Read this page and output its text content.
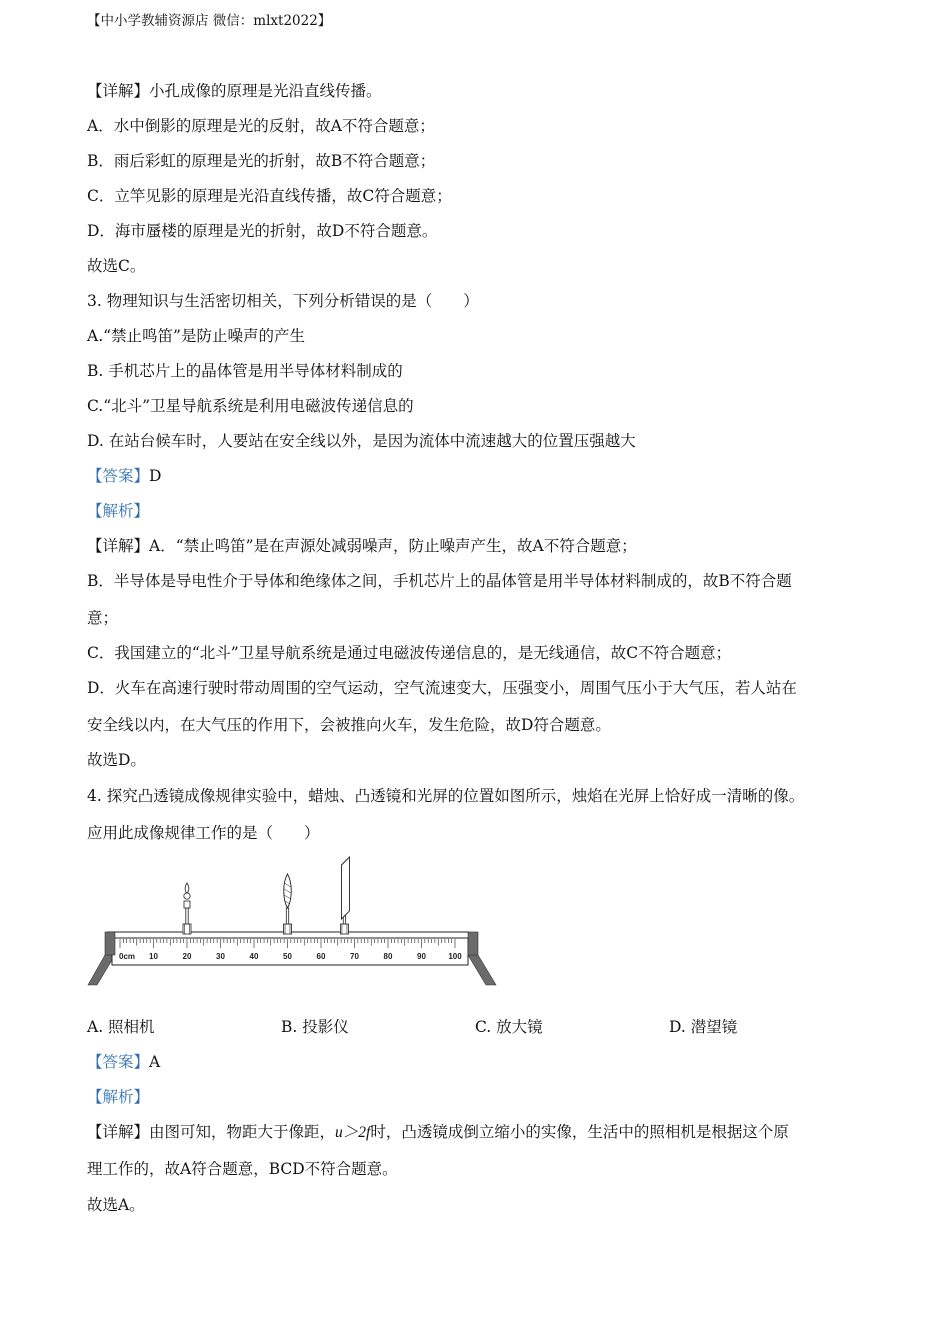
【中小学教辅资源店 微信：mlxt2022】
【详解】小孔成像的原理是光沿直线传播。
A．水中倒影的原理是光的反射，故A不符合题意；
B．雨后彩虹的原理是光的折射，故B不符合题意；
C．立竿见影的原理是光沿直线传播，故C符合题意；
D．海市蜃楼的原理是光的折射，故D不符合题意。
故选C。
3. 物理知识与生活密切相关，下列分析错误的是（　　）
A.“禁止鸣笛”是防止噪声的产生
B. 手机芯片上的晶体管是用半导体材料制成的
C.“北斗”卫星导航系统是利用电磁波传递信息的
D. 在站台候车时，人要站在安全线以外，是因为流体中流速越大的位置压强越大
【答案】D
【解析】
【详解】A．“禁止鸣笛”是在声源处减弱噪声，防止噪声产生，故A不符合题意；
B．半导体是导电性介于导体和绝缘体之间，手机芯片上的晶体管是用半导体材料制成的，故B不符合题
意；
C．我国建立的“北斗”卫星导航系统是通过电磁波传递信息的，是无线通信，故C不符合题意；
D．火车在高速行驶时带动周围的空气运动，空气流速变大，压强变小，周围气压小于大气压，若人站在
安全线以内，在大气压的作用下，会被推向火车，发生危险，故D符合题意。
故选D。
4. 探究凸透镜成像规律实验中，蜡烛、凸透镜和光屏的位置如图所示，烛焰在光屏上恰好成一清晰的像。
应用此成像规律工作的是（　　）
0cm 10	20	30	40	50	60	70	80	90	100
A. 照相机	B. 投影仪	C. 放大镜	D. 潜望镜
【答案】A
【解析】
【详解】由图可知，物距大于像距，u＞2f时，凸透镜成倒立缩小的实像，生活中的照相机是根据这个原
理工作的，故A符合题意，BCD不符合题意。
故选A。
